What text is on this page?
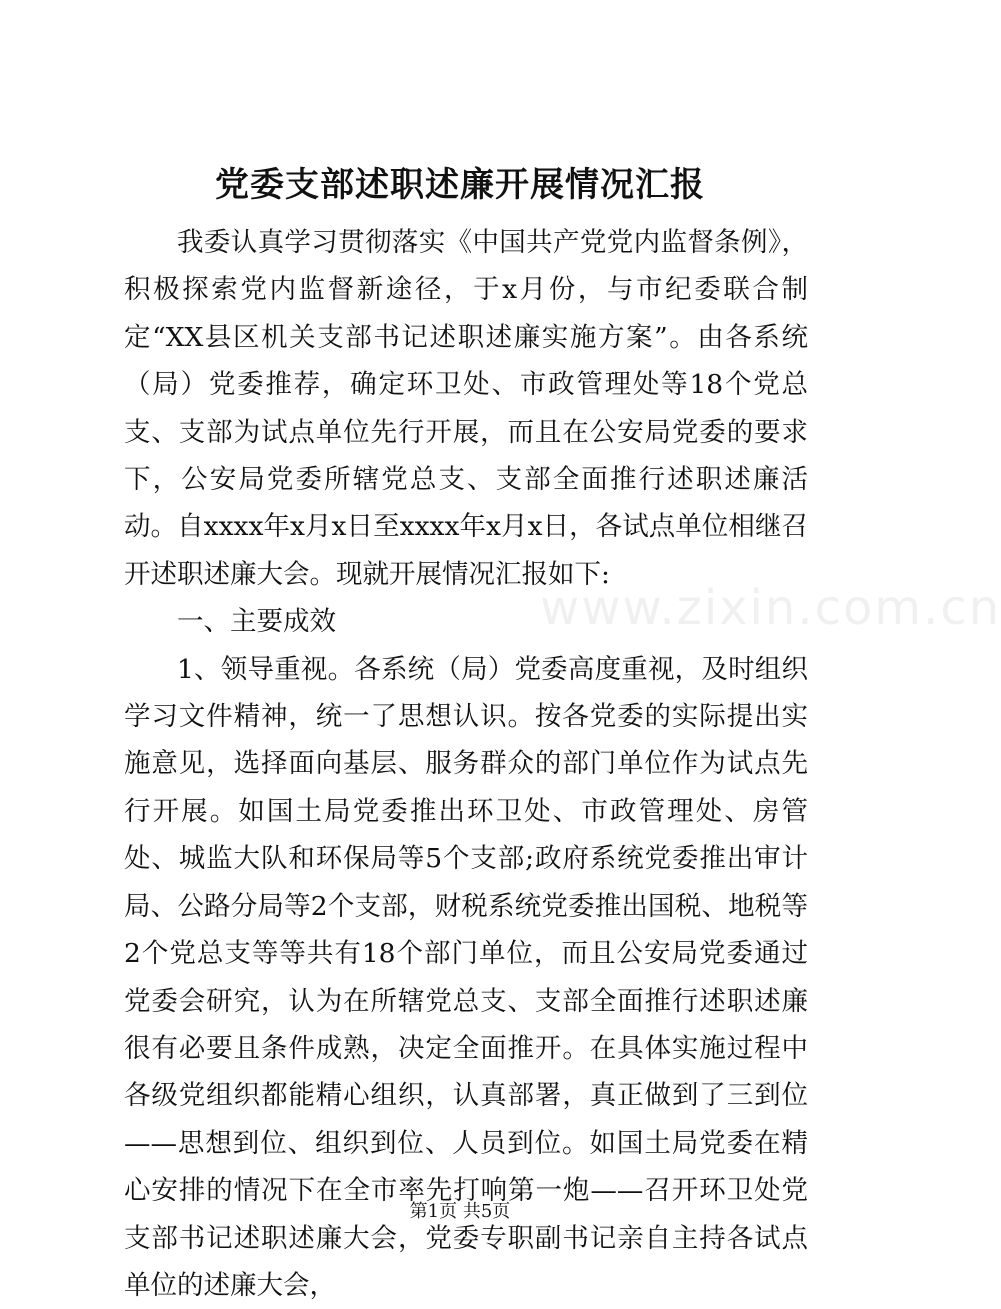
党委支部述职述廉开展情况汇报

我委认真学习贯彻落实《中国共产党党内监督条例》，积极探索党内监督新途径，于x月份，与市纪委联合制定“XX县区机关支部书记述职述廉实施方案”。由各系统（局）党委推荐，确定环卫处、市政管理处等18个党总支、支部为试点单位先行开展，而且在公安局党委的要求下，公安局党委所辖党总支、支部全面推行述职述廉活动。自xxxx年x月x日至xxxx年x月x日，各试点单位相继召开述职述廉大会。现就开展情况汇报如下:

一、主要成效

1、领导重视。各系统（局）党委高度重视，及时组织学习文件精神，统一了思想认识。按各党委的实际提出实施意见，选择面向基层、服务群众的部门单位作为试点先行开展。如国土局党委推出环卫处、市政管理处、房管处、城监大队和环保局等5个支部;政府系统党委推出审计局、公路分局等2个支部，财税系统党委推出国税、地税等2个党总支等等共有18个部门单位，而且公安局党委通过党委会研究，认为在所辖党总支、支部全面推行述职述廉很有必要且条件成熟，决定全面推开。在具体实施过程中各级党组织都能精心组织，认真部署，真正做到了三到位——思想到位、组织到位、人员到位。如国土局党委在精心安排的情况下在全市率先打响第一炮——召开环卫处党支部书记述职述廉大会，党委专职副书记亲自主持各试点单位的述廉大会，

www.zixin.com.cn
第1页 共5页
